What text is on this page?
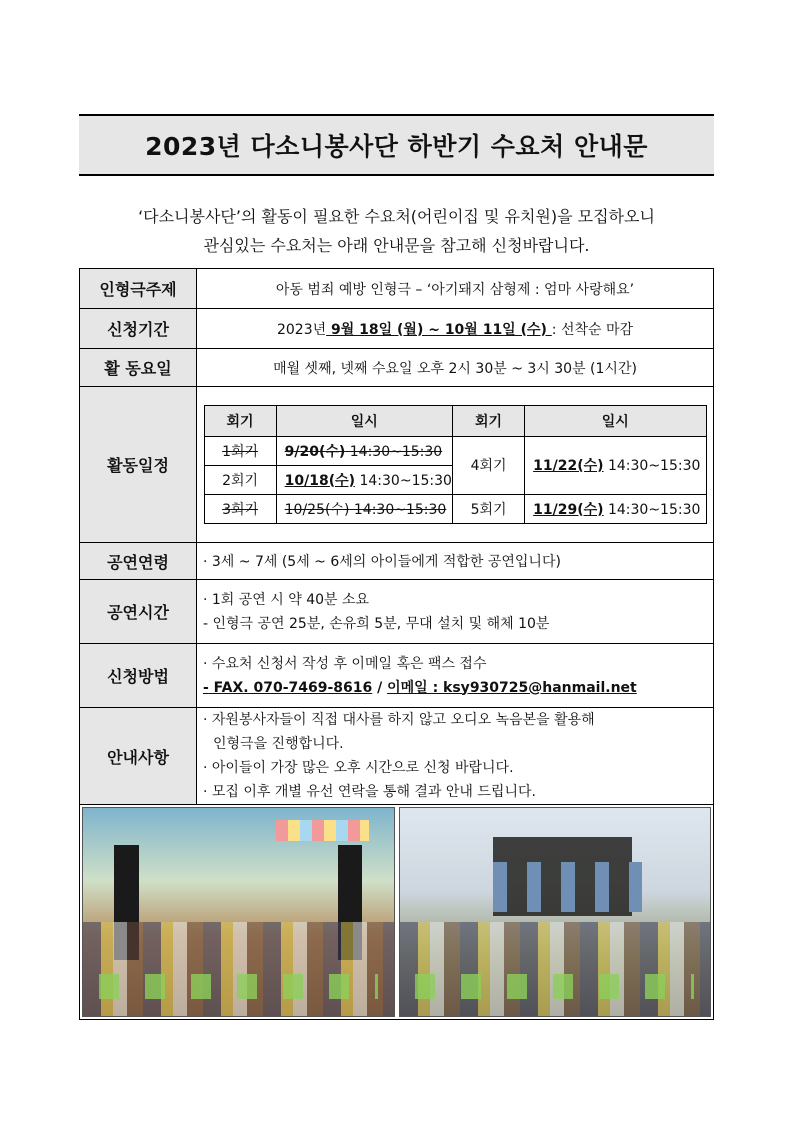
2023년 다소니봉사단 하반기 수요처 안내문
‘다소니봉사단’의 활동이 필요한 수요처(어린이집 및 유치원)을 모집하오니
관심있는 수요처는 아래 안내문을 참고해 신청바랍니다.
인형극주제	아동 범죄 예방 인형극 – ‘아기돼지 삼형제 : 엄마 사랑해요’
신청기간	2023년 9월 18일 (월) ~ 10월 11일 (수) : 선착순 마감
활 동요일	매월 셋째, 넷째 수요일 오후 2시 30분 ~ 3시 30분 (1시간)
활동일정	
회기	일시	회기	일시
1회기	9/20(수) 14:30~15:30	4회기	11/22(수) 14:30~15:30
2회기	10/18(수) 14:30~15:30
3회기	10/25(수) 14:30~15:30	5회기	11/29(수) 14:30~15:30

공연연령	· 3세 ~ 7세 (5세 ~ 6세의 아이들에게 적합한 공연입니다)
공연시간	
· 1회 공연 시 약 40분 소요
- 인형극 공연 25분, 손유희 5분, 무대 설치 및 해체 10분

신청방법	
· 수요처 신청서 작성 후 이메일 혹은 팩스 접수
- FAX. 070-7469-8616 / 이메일 : ksy930725@hanmail.net

안내사항	
· 자원봉사자들이 직접 대사를 하지 않고 오디오 녹음본을 활용해
인형극을 진행합니다.
· 아이들이 가장 많은 오후 시간으로 신청 바랍니다.
· 모집 이후 개별 유선 연락을 통해 결과 안내 드립니다.
